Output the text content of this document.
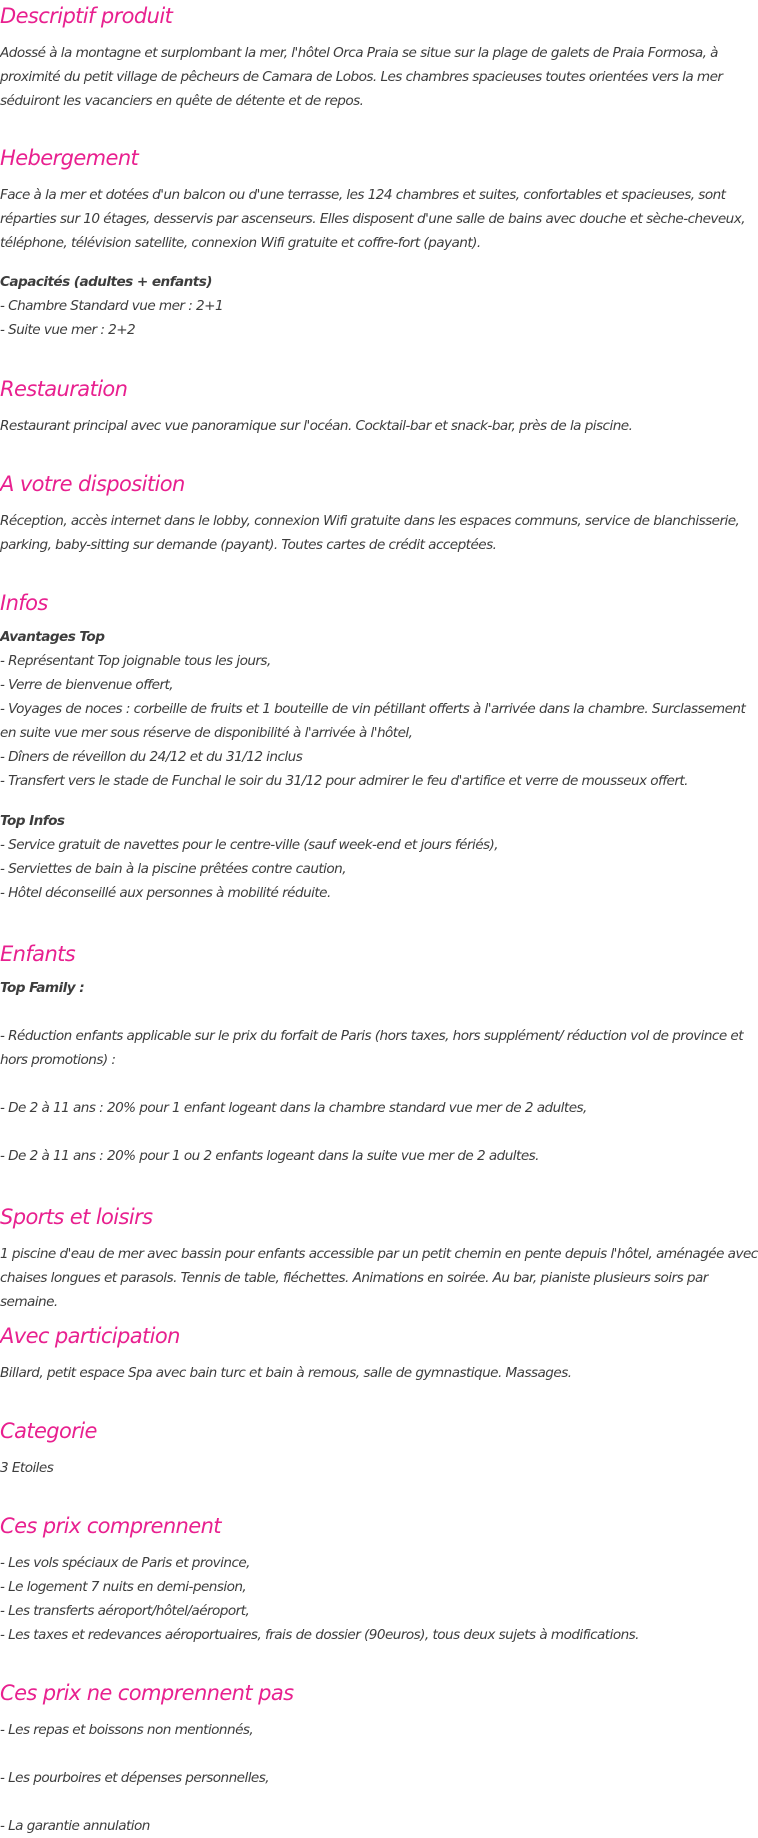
Descriptif produit

Adossé à la montagne et surplombant la mer, l'hôtel Orca Praia se situe sur la plage de galets de Praia Formosa, à proximité du petit village de pêcheurs de Camara de Lobos. Les chambres spacieuses toutes orientées vers la mer séduiront les vacanciers en quête de détente et de repos.

Hebergement

Face à la mer et dotées d'un balcon ou d'une terrasse, les 124 chambres et suites, confortables et spacieuses, sont réparties sur 10 étages, desservis par ascenseurs. Elles disposent d'une salle de bains avec douche et sèche-cheveux, téléphone, télévision satellite, connexion Wifi gratuite et coffre-fort (payant).

Capacités (adultes + enfants)

- Chambre Standard vue mer : 2+1

- Suite vue mer : 2+2

Restauration

Restaurant principal avec vue panoramique sur l'océan. Cocktail-bar et snack-bar, près de la piscine.

A votre disposition

Réception, accès internet dans le lobby, connexion Wifi gratuite dans les espaces communs, service de blanchisserie, parking, baby-sitting sur demande (payant). Toutes cartes de crédit acceptées.

Infos

Avantages Top

- Représentant Top joignable tous les jours,

- Verre de bienvenue offert,

- Voyages de noces : corbeille de fruits et 1 bouteille de vin pétillant offerts à l'arrivée dans la chambre. Surclassement en suite vue mer sous réserve de disponibilité à l'arrivée à l'hôtel,

- Dîners de réveillon du 24/12 et du 31/12 inclus

- Transfert vers le stade de Funchal le soir du 31/12 pour admirer le feu d'artifice et verre de mousseux offert.

Top Infos

- Service gratuit de navettes pour le centre-ville (sauf week-end et jours fériés),

- Serviettes de bain à la piscine prêtées contre caution,

- Hôtel déconseillé aux personnes à mobilité réduite.

Enfants

Top Family :

- Réduction enfants applicable sur le prix du forfait de Paris (hors taxes, hors supplément/ réduction vol de province et hors promotions) :

- De 2 à 11 ans : 20% pour 1 enfant logeant dans la chambre standard vue mer de 2 adultes,

- De 2 à 11 ans : 20% pour 1 ou 2 enfants logeant dans la suite vue mer de 2 adultes.

Sports et loisirs

1 piscine d'eau de mer avec bassin pour enfants accessible par un petit chemin en pente depuis l'hôtel, aménagée avec chaises longues et parasols. Tennis de table, fléchettes. Animations en soirée. Au bar, pianiste plusieurs soirs par semaine.

Avec participation

Billard, petit espace Spa avec bain turc et bain à remous, salle de gymnastique. Massages.

Categorie

3 Etoiles

Ces prix comprennent

- Les vols spéciaux de Paris et province,

- Le logement 7 nuits en demi-pension,

- Les transferts aéroport/hôtel/aéroport,

- Les taxes et redevances aéroportuaires, frais de dossier (90euros), tous deux sujets à modifications.

Ces prix ne comprennent pas

- Les repas et boissons non mentionnés,

- Les pourboires et dépenses personnelles,

- La garantie annulation
